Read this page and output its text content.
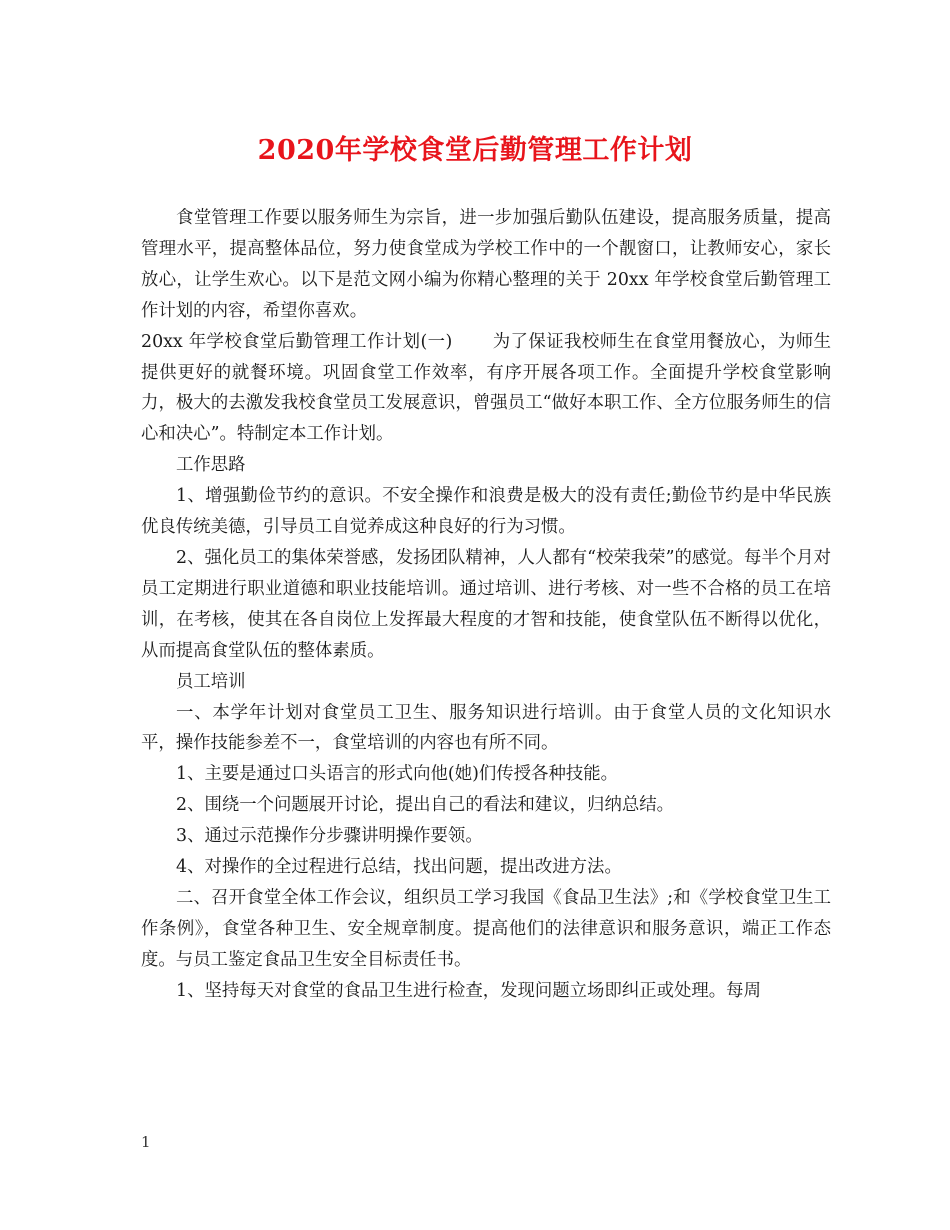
2020年学校食堂后勤管理工作计划

食堂管理工作要以服务师生为宗旨，进一步加强后勤队伍建设，提高服务质量，提高管理水平，提高整体品位，努力使食堂成为学校工作中的一个靓窗口，让教师安心，家长放心，让学生欢心。以下是范文网小编为你精心整理的关于 20xx 年学校食堂后勤管理工作计划的内容，希望你喜欢。

20xx 年学校食堂后勤管理工作计划(一) 为了保证我校师生在食堂用餐放心，为师生提供更好的就餐环境。巩固食堂工作效率，有序开展各项工作。全面提升学校食堂影响力，极大的去激发我校食堂员工发展意识，曾强员工“做好本职工作、全方位服务师生的信心和决心”。特制定本工作计划。

工作思路

1、增强勤俭节约的意识。不安全操作和浪费是极大的没有责任;勤俭节约是中华民族优良传统美德，引导员工自觉养成这种良好的行为习惯。

2、强化员工的集体荣誉感，发扬团队精神，人人都有“校荣我荣”的感觉。每半个月对员工定期进行职业道德和职业技能培训。通过培训、进行考核、对一些不合格的员工在培训，在考核，使其在各自岗位上发挥最大程度的才智和技能，使食堂队伍不断得以优化，从而提高食堂队伍的整体素质。

员工培训

一、本学年计划对食堂员工卫生、服务知识进行培训。由于食堂人员的文化知识水平，操作技能参差不一，食堂培训的内容也有所不同。

1、主要是通过口头语言的形式向他(她)们传授各种技能。

2、围绕一个问题展开讨论，提出自己的看法和建议，归纳总结。

3、通过示范操作分步骤讲明操作要领。

4、对操作的全过程进行总结，找出问题，提出改进方法。

二、召开食堂全体工作会议，组织员工学习我国《食品卫生法》;和《学校食堂卫生工作条例》，食堂各种卫生、安全规章制度。提高他们的法律意识和服务意识，端正工作态度。与员工鉴定食品卫生安全目标责任书。

1、坚持每天对食堂的食品卫生进行检查，发现问题立场即纠正或处理。每周

1
